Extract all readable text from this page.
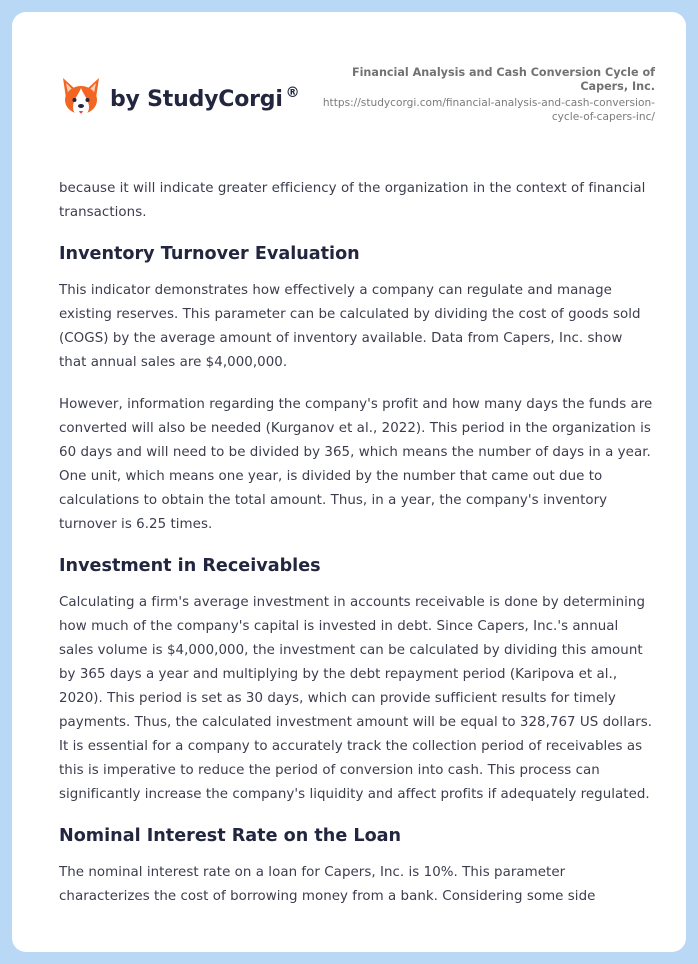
by StudyCorgi ®
Financial Analysis and Cash Conversion Cycle of Capers, Inc.
https://studycorgi.com/financial-analysis-and-cash-conversion-cycle-of-capers-inc/

because it will indicate greater efficiency of the organization in the context of financial transactions.

Inventory Turnover Evaluation

This indicator demonstrates how effectively a company can regulate and manage existing reserves. This parameter can be calculated by dividing the cost of goods sold (COGS) by the average amount of inventory available. Data from Capers, Inc. show that annual sales are $4,000,000.

However, information regarding the company's profit and how many days the funds are converted will also be needed (Kurganov et al., 2022). This period in the organization is 60 days and will need to be divided by 365, which means the number of days in a year. One unit, which means one year, is divided by the number that came out due to calculations to obtain the total amount. Thus, in a year, the company's inventory turnover is 6.25 times.

Investment in Receivables

Calculating a firm's average investment in accounts receivable is done by determining how much of the company's capital is invested in debt. Since Capers, Inc.'s annual sales volume is $4,000,000, the investment can be calculated by dividing this amount by 365 days a year and multiplying by the debt repayment period (Karipova et al., 2020). This period is set as 30 days, which can provide sufficient results for timely payments. Thus, the calculated investment amount will be equal to 328,767 US dollars. It is essential for a company to accurately track the collection period of receivables as this is imperative to reduce the period of conversion into cash. This process can significantly increase the company's liquidity and affect profits if adequately regulated.

Nominal Interest Rate on the Loan

The nominal interest rate on a loan for Capers, Inc. is 10%. This parameter characterizes the cost of borrowing money from a bank. Considering some side
